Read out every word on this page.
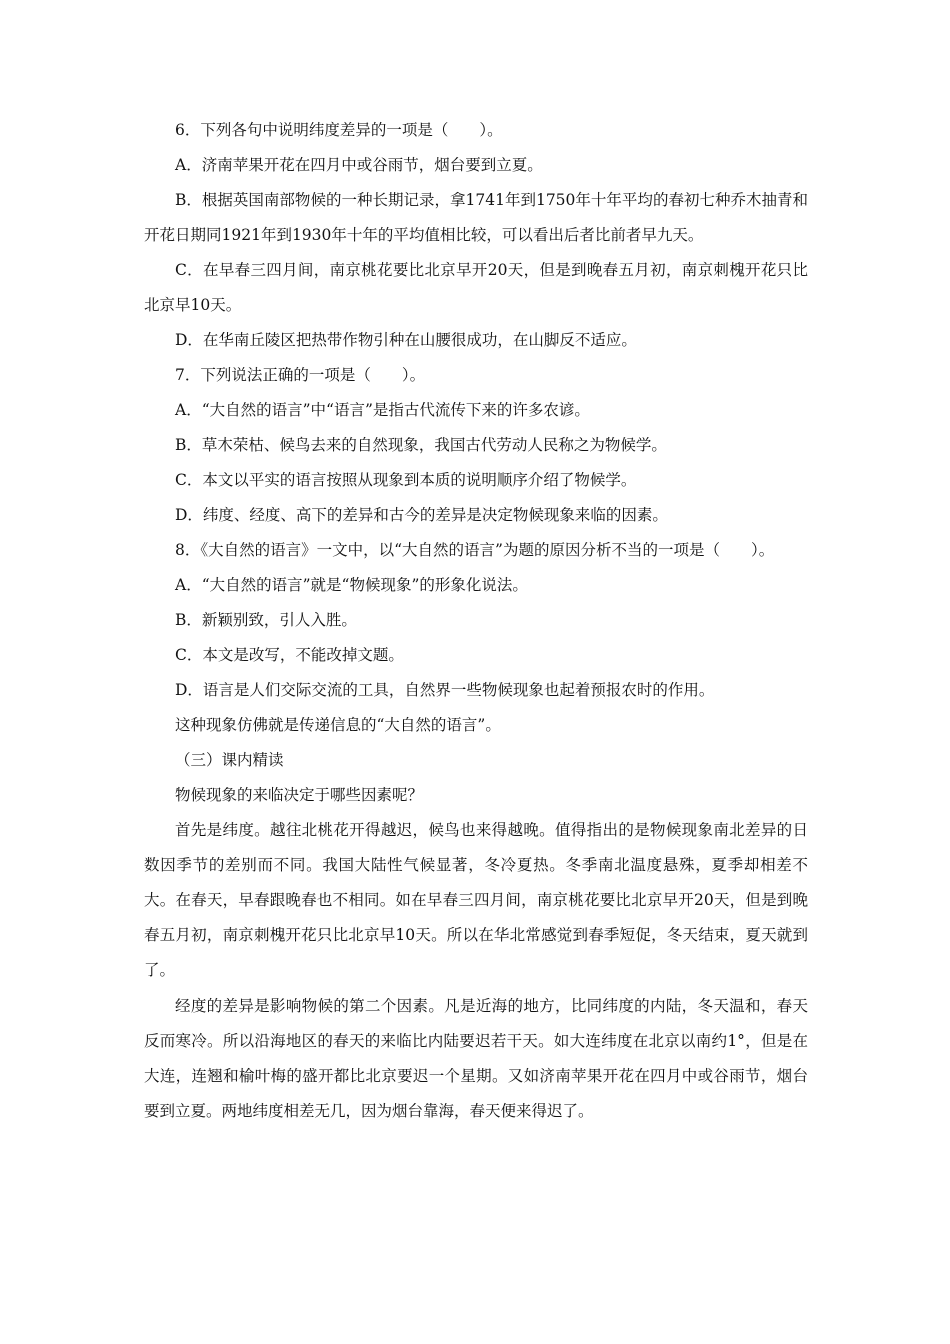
6．下列各句中说明纬度差异的一项是（　　）。

A．济南苹果开花在四月中或谷雨节，烟台要到立夏。

B．根据英国南部物候的一种长期记录，拿1741年到1750年十年平均的春初七种乔木抽青和开花日期同1921年到1930年十年的平均值相比较，可以看出后者比前者早九天。

C．在早春三四月间，南京桃花要比北京早开20天，但是到晚春五月初，南京刺槐开花只比北京早10天。

D．在华南丘陵区把热带作物引种在山腰很成功，在山脚反不适应。

7．下列说法正确的一项是（　　）。

A．“大自然的语言”中“语言”是指古代流传下来的许多农谚。

B．草木荣枯、候鸟去来的自然现象，我国古代劳动人民称之为物候学。

C．本文以平实的语言按照从现象到本质的说明顺序介绍了物候学。

D．纬度、经度、高下的差异和古今的差异是决定物候现象来临的因素。

8．《大自然的语言》一文中，以“大自然的语言”为题的原因分析不当的一项是（　　）。

A．“大自然的语言”就是“物候现象”的形象化说法。

B．新颖别致，引人入胜。

C．本文是改写，不能改掉文题。

D．语言是人们交际交流的工具，自然界一些物候现象也起着预报农时的作用。

这种现象仿佛就是传递信息的“大自然的语言”。

（三）课内精读

物候现象的来临决定于哪些因素呢？

首先是纬度。越往北桃花开得越迟，候鸟也来得越晚。值得指出的是物候现象南北差异的日数因季节的差别而不同。我国大陆性气候显著，冬冷夏热。冬季南北温度悬殊，夏季却相差不大。在春天，早春跟晚春也不相同。如在早春三四月间，南京桃花要比北京早开20天，但是到晚春五月初，南京刺槐开花只比北京早10天。所以在华北常感觉到春季短促，冬天结束，夏天就到了。

经度的差异是影响物候的第二个因素。凡是近海的地方，比同纬度的内陆，冬天温和，春天反而寒冷。所以沿海地区的春天的来临比内陆要迟若干天。如大连纬度在北京以南约1°，但是在大连，连翘和榆叶梅的盛开都比北京要迟一个星期。又如济南苹果开花在四月中或谷雨节，烟台要到立夏。两地纬度相差无几，因为烟台靠海，春天便来得迟了。
